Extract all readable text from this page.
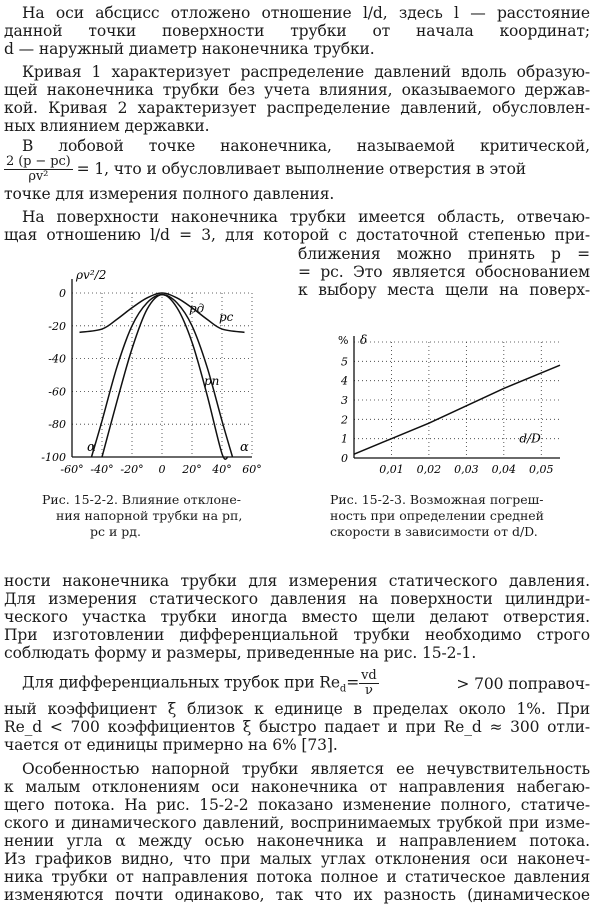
На оси абсцисс отложено отношение l/d, здесь l — расстояние
данной точки поверхности трубки от начала координат;
d — наружный диаметр наконечника трубки.
Кривая 1 характеризует распределение давлений вдоль образую-
щей наконечника трубки без учета влияния, оказываемого держав-
кой. Кривая 2 характеризует распределение давлений, обусловлен-
ных влиянием державки.
В лобовой точке наконечника, называемой критической,
$\frac{2 (p - pc)}{\text{ρv²}} = 1$, что и обусловливает выполнение отверстия в этой
точке для измерения полного давления.
На поверхности наконечника трубки имеется область, отвечаю-
щая отношению l/d = 3, для которой с достаточной степенью при-
ближения можно принять p =
= pc. Это является обоснованием
к выбору места щели на поверх-
0
-20
-40
-60
-80
-100
-60° -40° -20° 0 20° 40° 60°
ρv²/2
α	α
pд
pс
pп
0
1
2
3
4
5
0,01 0,02 0,03 0,04 0,05
% δ
d/D
Рис. 15-2-2. Влияние отклоне-
ния напорной трубки на pп,
pс и pд.
Рис. 15-2-3. Возможная погреш-
ность при определении средней
скорости в зависимости от d/D.
ности наконечника трубки для измерения статического давления.
Для измерения статического давления на поверхности цилиндри-
ческого участка трубки иногда вместо щели делают отверстия.
При изготовлении дифференциальной трубки необходимо строго
соблюдать форму и размеры, приведенные на рис. 15-2-1.
Для дифференциальных трубок при $Re_d= \frac{vd}{\nu}$	> 700 поправоч-
ный коэффициент ξ близок к единице в пределах около 1%. При
Re_d < 700 коэффициентов ξ быстро падает и при Re_d ≈ 300 отли-
чается от единицы примерно на 6% [73].
Особенностью напорной трубки является ее нечувствительность
к малым отклонениям оси наконечника от направления набегаю-
щего потока. На рис. 15-2-2 показано изменение полного, статиче-
ского и динамического давлений, воспринимаемых трубкой при изме-
нении угла α между осью наконечника и направлением потока.
Из графиков видно, что при малых углах отклонения оси наконеч-
ника трубки от направления потока полное и статическое давления
изменяются почти одинаково, так что их разность (динамическое
